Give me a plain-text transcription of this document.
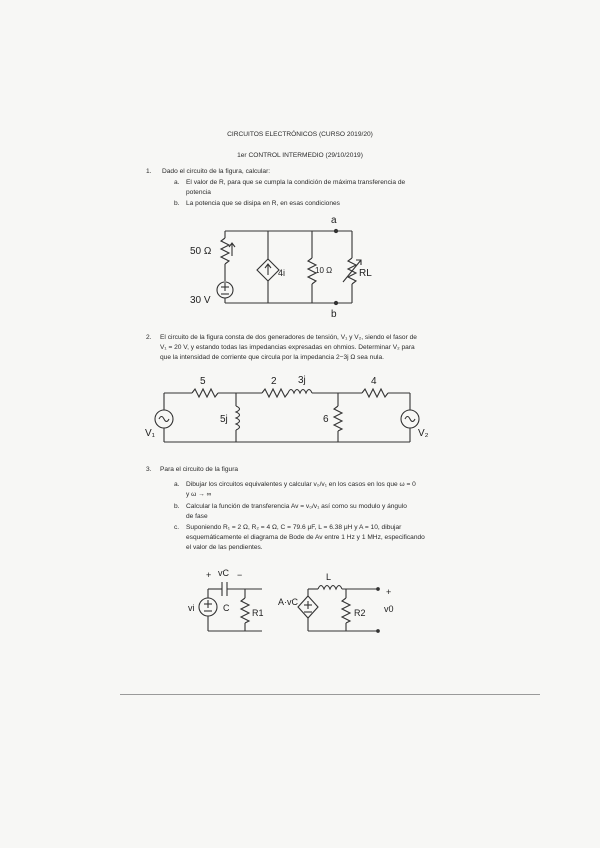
CIRCUITOS ELECTRÓNICOS (CURSO 2019/20)
1er CONTROL INTERMEDIO (29/10/2019)
1. Dado el circuito de la figura, calcular:
a. El valor de R, para que se cumpla la condición de máxima transferencia de
potencia
b. La potencia que se disipa en R, en esas condiciones
2. El circuito de la figura consta de dos generadores de tensión, V₁ y V₂, siendo el fasor de
V₁ = 20 V, y estando todas las impedancias expresadas en ohmios. Determinar V₂ para
que la intensidad de corriente que circula por la impedancia 2−3j Ω sea nula.
3. Para el circuito de la figura
a. Dibujar los circuitos equivalentes y calcular v₀/v₁ en los casos en los que ω = 0
y ω → ∞
b. Calcular la función de transferencia Av = v₀/v₁ así como su modulo y ángulo
de fase
c. Suponiendo R₁ = 2 Ω, R₂ = 4 Ω, C = 79.6 μF, L = 6.38 μH y A = 10, dibujar
esquemáticamente el diagrama de Bode de Av entre 1 Hz y 1 MHz, especificando
el valor de las pendientes.
50 Ω
30 V
4i	10 Ω	RL
a
b
5
5j
2 3j	4
6
V₁	V₂
+ vC −
vi	C	R1
L
A·vC
+
R2 v0
